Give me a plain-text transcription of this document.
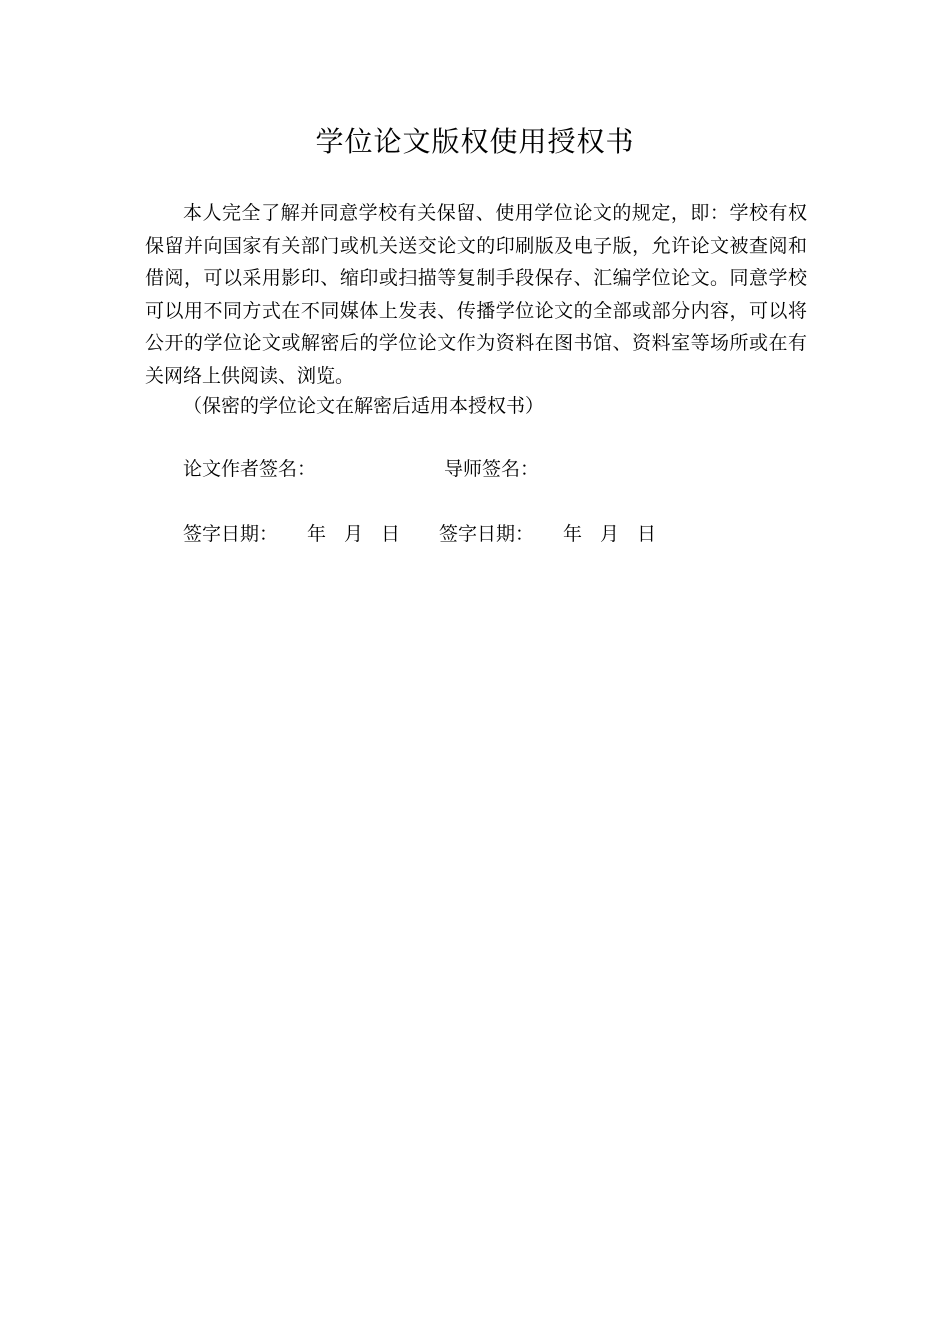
学位论文版权使用授权书

本人完全了解并同意学校有关保留、使用学位论文的规定，即：学校有权保留并向国家有关部门或机关送交论文的印刷版及电子版，允许论文被查阅和借阅，可以采用影印、缩印或扫描等复制手段保存、汇编学位论文。同意学校可以用不同方式在不同媒体上发表、传播学位论文的全部或部分内容，可以将公开的学位论文或解密后的学位论文作为资料在图书馆、资料室等场所或在有关网络上供阅读、浏览。

（保密的学位论文在解密后适用本授权书）

论文作者签名：	导师签名：
签字日期： 年 月 日 签字日期： 年 月 日
